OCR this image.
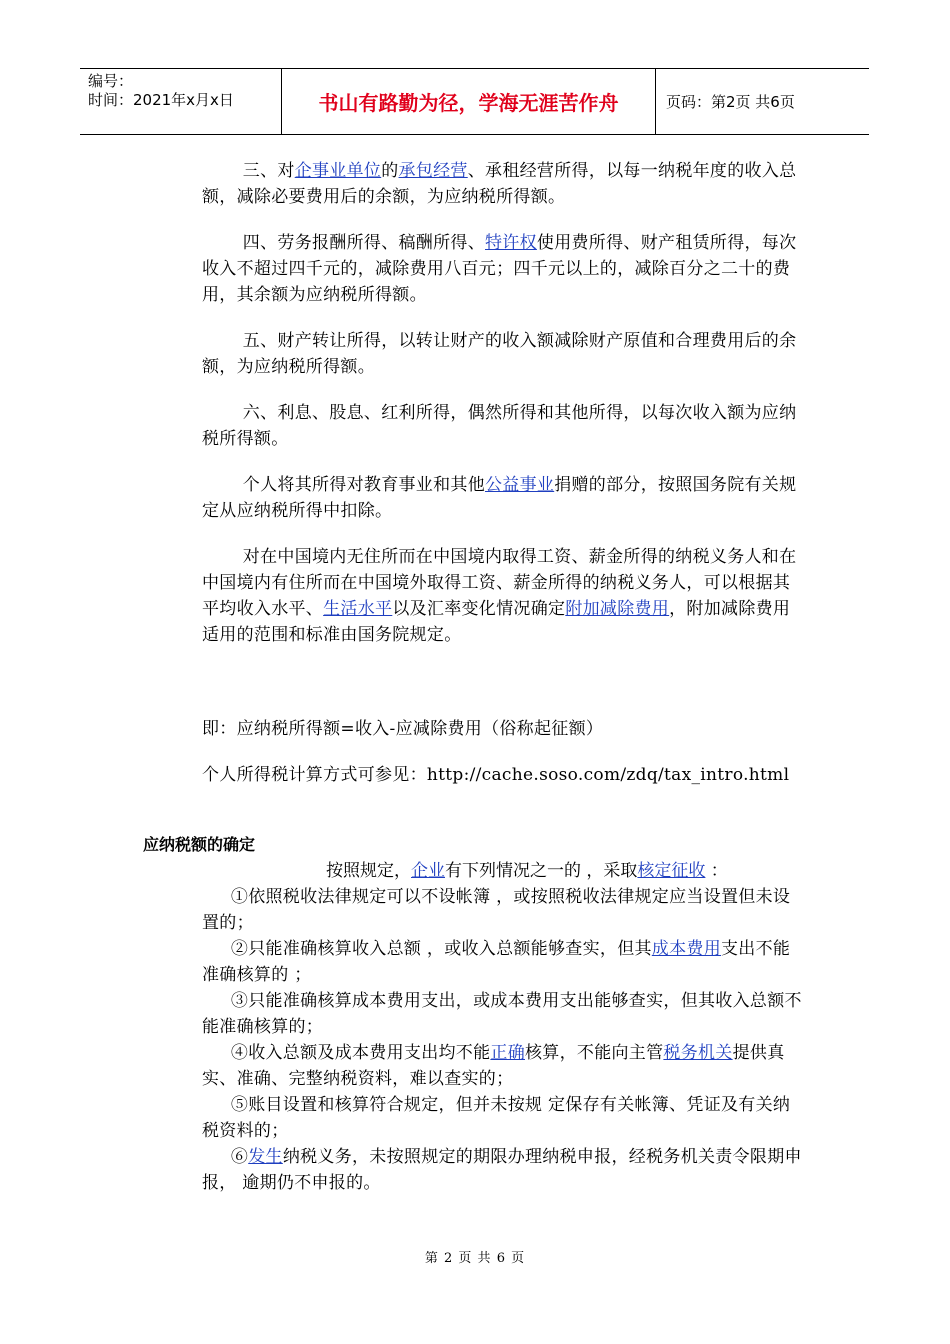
编号：
时间：2021年x月x日	书山有路勤为径，学海无涯苦作舟	页码：第2页 共6页

三、对企事业单位的承包经营、承租经营所得，以每一纳税年度的收入总额，减除必要费用后的余额，为应纳税所得额。

四、劳务报酬所得、稿酬所得、特许权使用费所得、财产租赁所得，每次收入不超过四千元的，减除费用八百元；四千元以上的，减除百分之二十的费用，其余额为应纳税所得额。

五、财产转让所得，以转让财产的收入额减除财产原值和合理费用后的余额，为应纳税所得额。

六、利息、股息、红利所得，偶然所得和其他所得，以每次收入额为应纳税所得额。

个人将其所得对教育事业和其他公益事业捐赠的部分，按照国务院有关规定从应纳税所得中扣除。

对在中国境内无住所而在中国境内取得工资、薪金所得的纳税义务人和在中国境内有住所而在中国境外取得工资、薪金所得的纳税义务人，可以根据其平均收入水平、生活水平以及汇率变化情况确定附加减除费用，附加减除费用适用的范围和标准由国务院规定。

即：应纳税所得额=收入-应减除费用（俗称起征额）

个人所得税计算方式可参见：http://cache.soso.com/zdq/tax_intro.html

应纳税额的确定
按照规定，企业有下列情况之一的 ，采取核定征收 ：

①依照税收法律规定可以不设帐簿 ，或按照税收法律规定应当设置但未设置的；

②只能准确核算收入总额 ，或收入总额能够查实，但其成本费用支出不能准确核算的 ；

③只能准确核算成本费用支出，或成本费用支出能够查实，但其收入总额不能准确核算的；

④收入总额及成本费用支出均不能正确核算，不能向主管税务机关提供真实、准确、完整纳税资料，难以查实的；

⑤账目设置和核算符合规定，但并未按规 定保存有关帐簿、凭证及有关纳税资料的；

⑥发生纳税义务，未按照规定的期限办理纳税申报，经税务机关责令限期申报， 逾期仍不申报的。

第 2 页 共 6 页
